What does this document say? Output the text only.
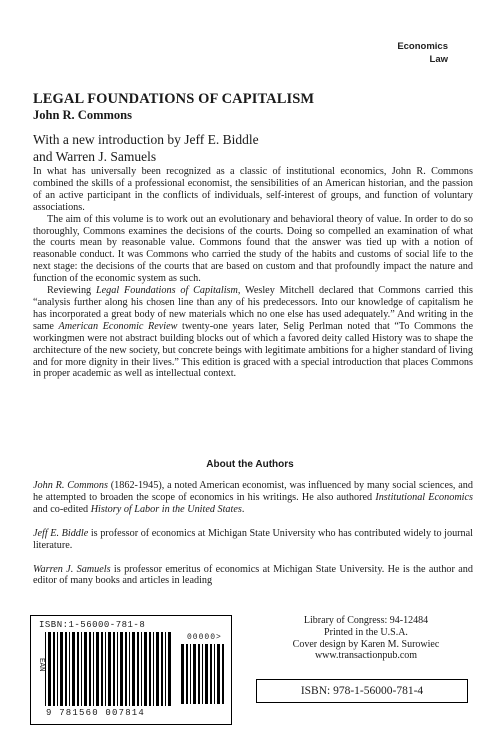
Economics
Law
LEGAL FOUNDATIONS OF CAPITALISM
John R. Commons
With a new introduction by Jeff E. Biddle
and Warren J. Samuels

In what has universally been recognized as a classic of institutional economics, John R. Commons combined the skills of a professional economist, the sensibilities of an American historian, and the passion of an active participant in the conflicts of individuals, self-interest of groups, and function of voluntary associations.

The aim of this volume is to work out an evolutionary and behavioral theory of value. In order to do so thoroughly, Commons examines the decisions of the courts. Doing so compelled an examination of what the courts mean by reasonable value. Commons found that the answer was tied up with a notion of reasonable conduct. It was Commons who carried the study of the habits and customs of social life to the next stage: the decisions of the courts that are based on custom and that profoundly impact the nature and function of the economic system as such.

Reviewing Legal Foundations of Capitalism, Wesley Mitchell declared that Commons carried this “analysis further along his chosen line than any of his predecessors. Into our knowledge of capitalism he has incorporated a great body of new materials which no one else has used adequately.” And writing in the same American Economic Review twenty-one years later, Selig Perlman noted that “To Commons the workingmen were not abstract building blocks out of which a favored deity called History was to shape the architecture of the new society, but concrete beings with legitimate ambitions for a higher standard of living and for more dignity in their lives.” This edition is graced with a special introduction that places Commons in proper academic as well as intellectual context.

About the Authors

John R. Commons (1862-1945), a noted American economist, was influenced by many social sciences, and he attempted to broaden the scope of economics in his writings. He also authored Institutional Economics and co-edited History of Labor in the United States.

Jeff E. Biddle is professor of economics at Michigan State University who has contributed widely to journal literature.

Warren J. Samuels is professor emeritus of economics at Michigan State University. He is the author and editor of many books and articles in leading

ISBN:1-56000-781-8
00000>
EAN
9 781560 007814
Library of Congress: 94-12484
Printed in the U.S.A.
Cover design by Karen M. Surowiec
www.transactionpub.com
ISBN: 978-1-56000-781-4
